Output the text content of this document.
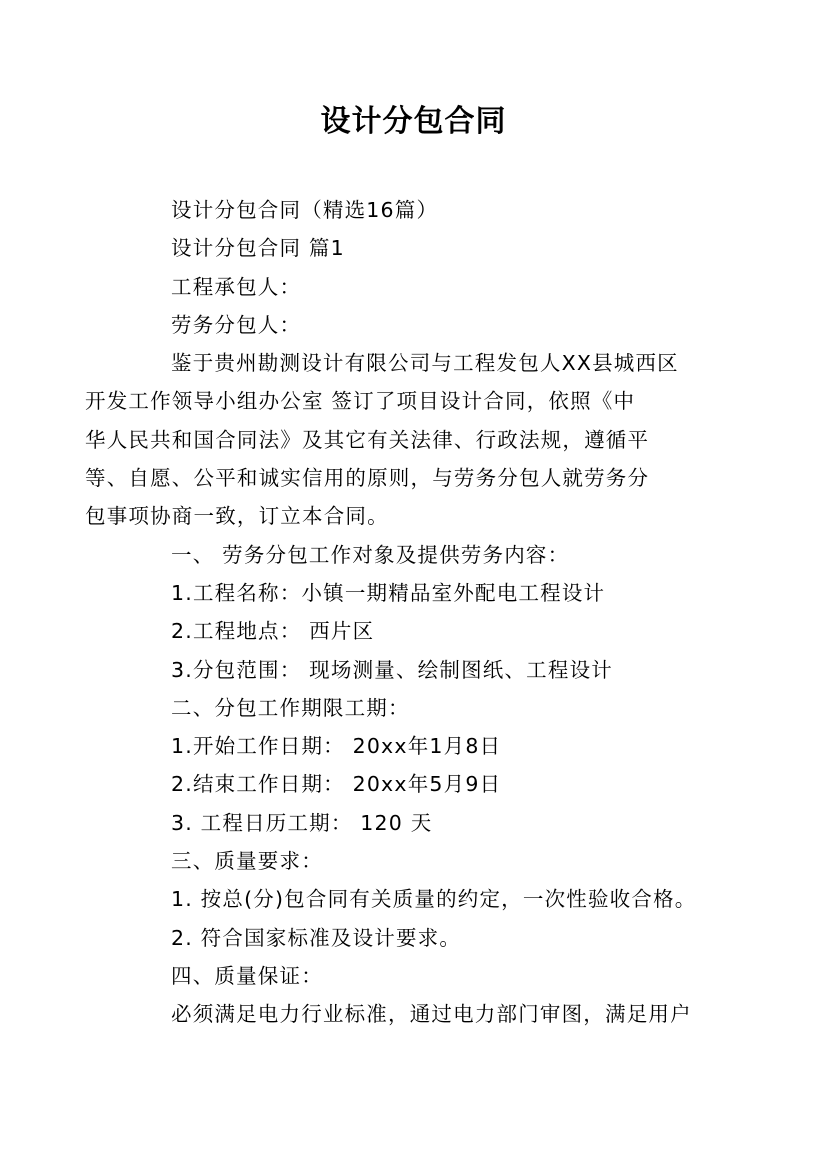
设计分包合同
设计分包合同（精选16篇）
设计分包合同 篇1
工程承包人：
劳务分包人：
鉴于贵州勘测设计有限公司与工程发包人XX县城西区
开发工作领导小组办公室 签订了项目设计合同，依照《中
华人民共和国合同法》及其它有关法律、行政法规，遵循平
等、自愿、公平和诚实信用的原则，与劳务分包人就劳务分
包事项协商一致，订立本合同。
一、 劳务分包工作对象及提供劳务内容：
1.工程名称：小镇一期精品室外配电工程设计
2.工程地点： 西片区
3.分包范围： 现场测量、绘制图纸、工程设计
二、分包工作期限工期：
1.开始工作日期： 20xx年1月8日
2.结束工作日期： 20xx年5月9日
3. 工程日历工期： 120 天
三、质量要求：
1. 按总(分)包合同有关质量的约定，一次性验收合格。
2. 符合国家标准及设计要求。
四、质量保证：
必须满足电力行业标准，通过电力部门审图，满足用户
